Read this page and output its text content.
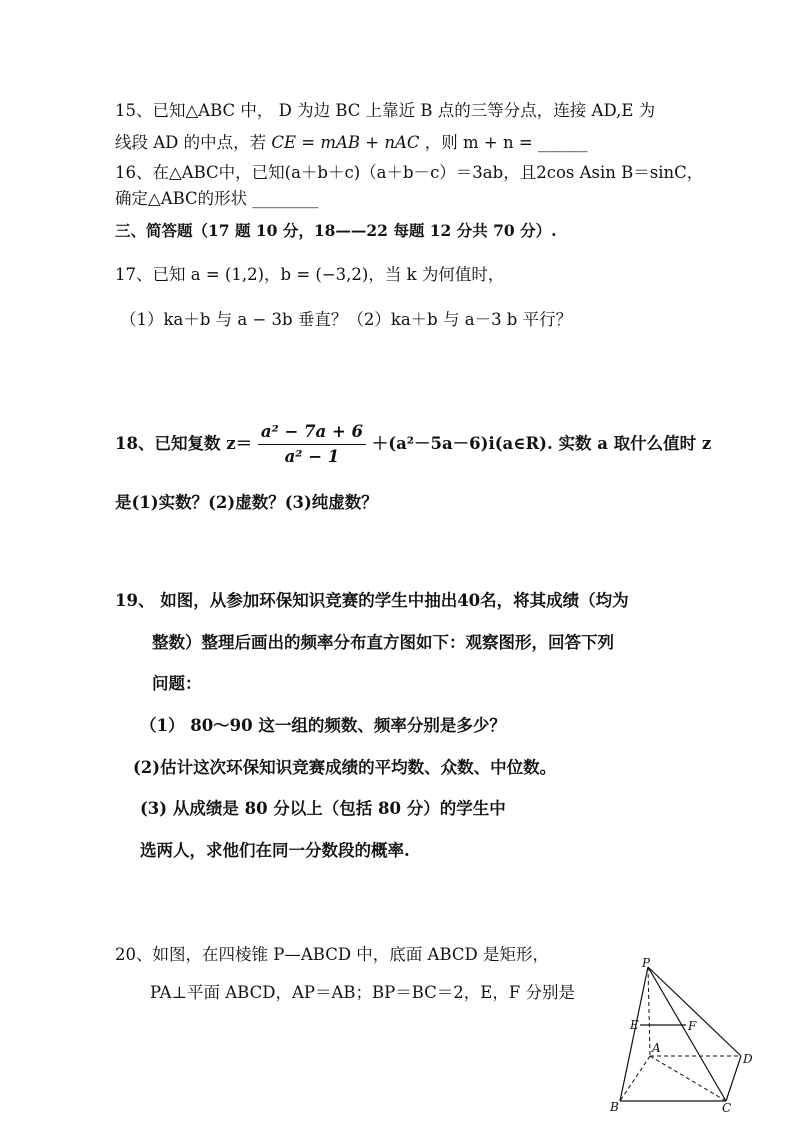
15、已知△ABC 中， D 为边 BC 上靠近 B 点的三等分点，连接 AD,E 为
线段 AD 的中点，若 CE = mAB + nAC ，则 m + n = ______
16、在△ABC中，已知(a＋b＋c)（a＋b－c）＝3ab，且2cos Asin B＝sinC，
确定△ABC的形状 ________
三、简答题（17 题 10 分，18——22 每题 12 分共 70 分）.
17、已知 a = (1,2)，b = (−3,2)，当 k 为何值时，
（1）ka＋b 与 a − 3b 垂直？（2）ka＋b 与 a－3 b 平行？
18、已知复数 $z= \frac{\text{a² − 7a + 6}}{\text{a² − 1}}$ ＋(a²－5a－6)i(a∈R). 实数 a 取什么值时 z
是(1)实数？(2)虚数？(3)纯虚数？
19、 如图，从参加环保知识竞赛的学生中抽出40名，将其成绩（均为
整数）整理后画出的频率分布直方图如下：观察图形，回答下列
问题：
（1） 80～90 这一组的频数、频率分别是多少？
(2)估计这次环保知识竞赛成绩的平均数、众数、中位数。
(3) 从成绩是 80 分以上（包括 80 分）的学生中
选两人，求他们在同一分数段的概率.
20、如图，在四棱锥 P—ABCD 中，底面 ABCD 是矩形，
PA⊥平面 ABCD，AP＝AB；BP＝BC＝2，E，F 分别是
P
E	F
A
B	C
D
